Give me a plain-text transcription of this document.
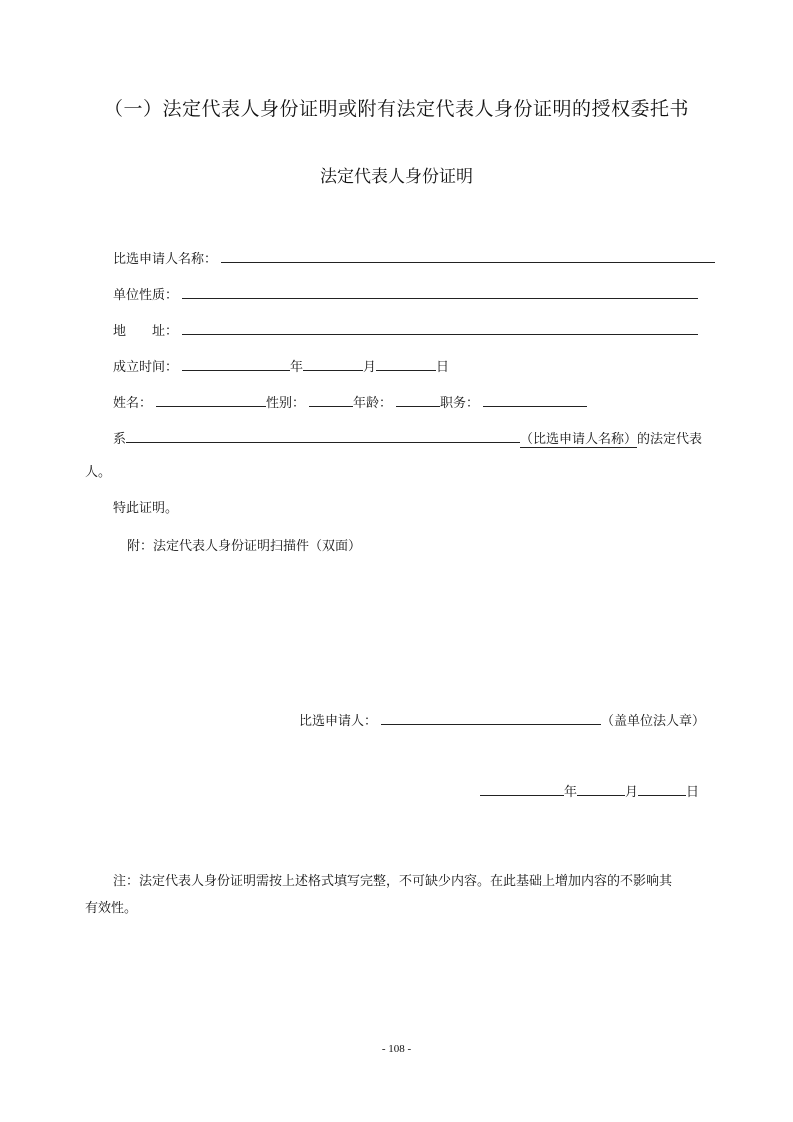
（一）法定代表人身份证明或附有法定代表人身份证明的授权委托书
法定代表人身份证明
比选申请人名称：
单位性质：
地　　址：
成立时间：	年	月	日
姓名：	性别：	年龄：	职务：
系	（比选申请人名称）的法定代表
人。
特此证明。
附：法定代表人身份证明扫描件（双面）
比选申请人：	（盖单位法人章）
年	月	日
注：法定代表人身份证明需按上述格式填写完整，不可缺少内容。在此基础上增加内容的不影响其
有效性。
- 108 -
